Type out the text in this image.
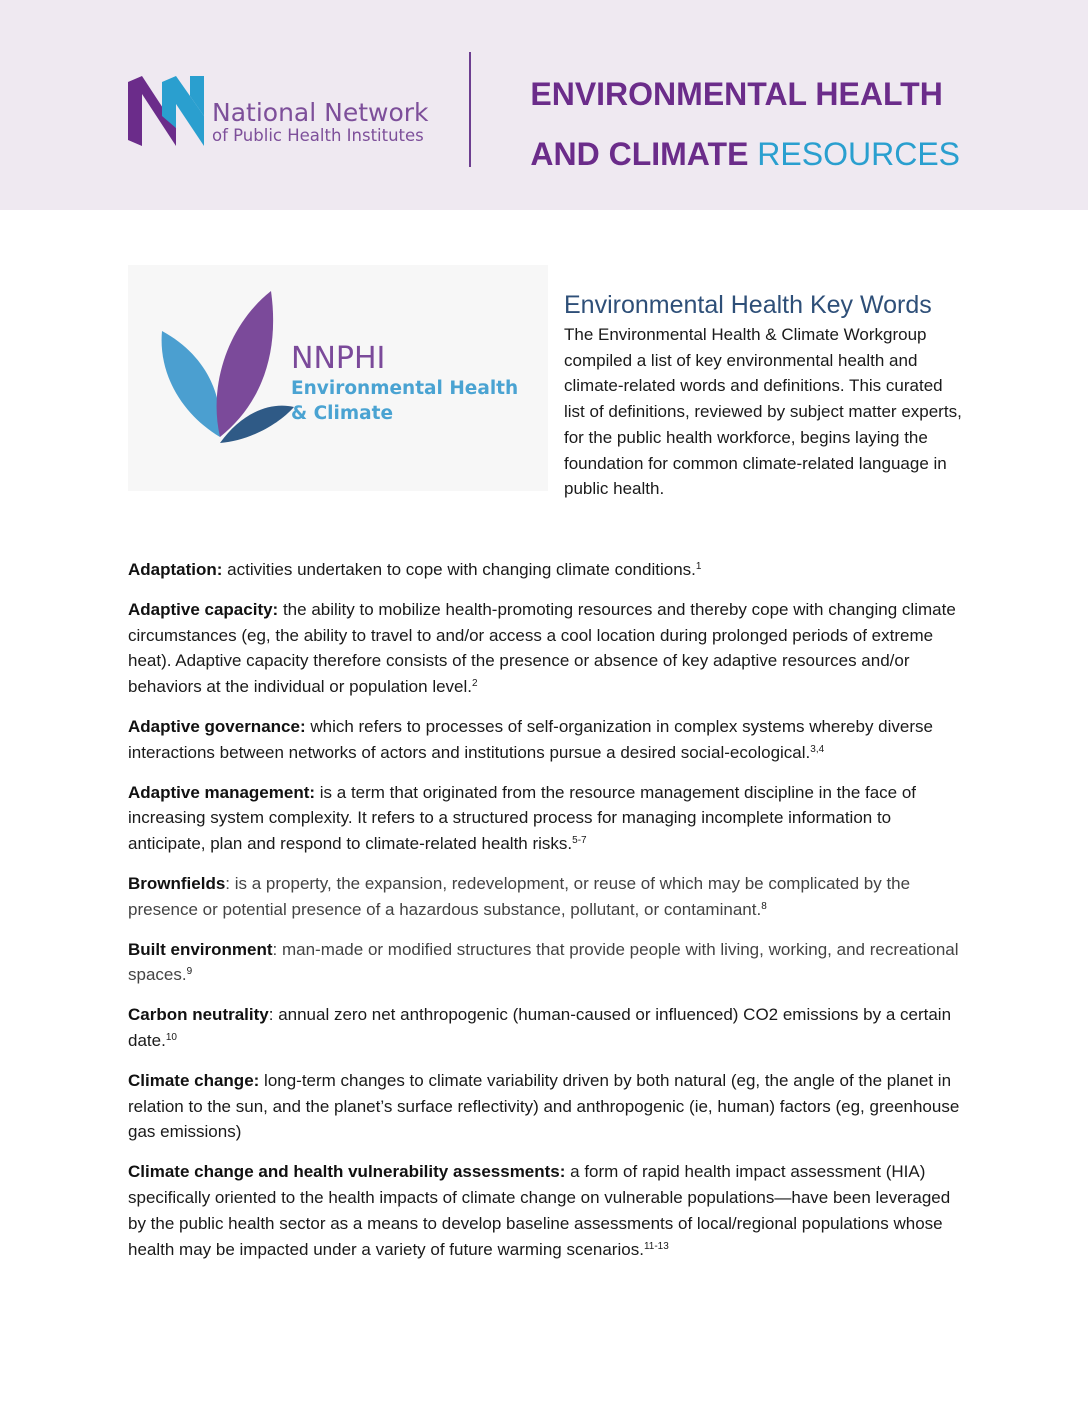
National Network
of Public Health Institutes
ENVIRONMENTAL HEALTH
AND CLIMATE RESOURCES
NNPHI
Environmental Health
& Climate
Environmental Health Key Words

The Environmental Health & Climate Workgroup compiled a list of key environmental health and climate-related words and definitions. This curated list of definitions, reviewed by subject matter experts, for the public health workforce, begins laying the foundation for common climate-related language in public health.

Adaptation: activities undertaken to cope with changing climate conditions.$^1$

Adaptive capacity: the ability to mobilize health-promoting resources and thereby cope with changing climate circumstances (eg, the ability to travel to and/or access a cool location during prolonged periods of extreme heat). Adaptive capacity therefore consists of the presence or absence of key adaptive resources and/or behaviors at the individual or population level.$^2$

Adaptive governance: which refers to processes of self-organization in complex systems whereby diverse interactions between networks of actors and institutions pursue a desired social-ecological.$^{3,4}$

Adaptive management: is a term that originated from the resource management discipline in the face of increasing system complexity. It refers to a structured process for managing incomplete information to anticipate, plan and respond to climate-related health risks.$^{5-7}$

Brownfields: is a property, the expansion, redevelopment, or reuse of which may be complicated by the presence or potential presence of a hazardous substance, pollutant, or contaminant.$^8$

Built environment: man-made or modified structures that provide people with living, working, and recreational spaces.$^9$

Carbon neutrality: annual zero net anthropogenic (human-caused or influenced) CO2 emissions by a certain date.$^{10}$

Climate change: long-term changes to climate variability driven by both natural (eg, the angle of the planet in relation to the sun, and the planet’s surface reflectivity) and anthropogenic (ie, human) factors (eg, greenhouse gas emissions)

Climate change and health vulnerability assessments: a form of rapid health impact assessment (HIA) specifically oriented to the health impacts of climate change on vulnerable populations—have been leveraged by the public health sector as a means to develop baseline assessments of local/regional populations whose health may be impacted under a variety of future warming scenarios.$^{11-13}$
